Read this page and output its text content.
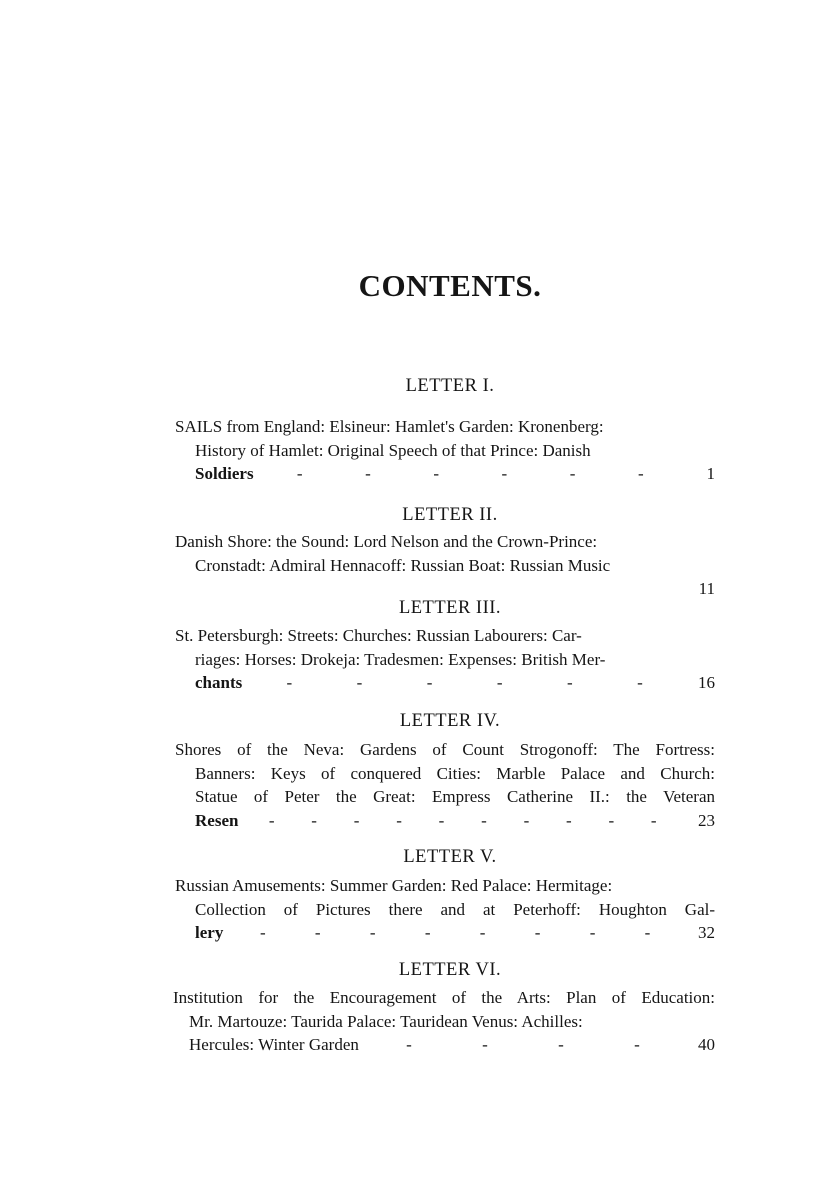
CONTENTS.
LETTER I.
SAILS from England: Elsineur: Hamlet's Garden: Kronenberg:
History of Hamlet: Original Speech of that Prince: Danish
Soldiers	-	-	-	-	-	-	1
LETTER II.
Danish Shore: the Sound: Lord Nelson and the Crown-Prince:
Cronstadt: Admiral Hennacoff: Russian Boat: Russian Music
11
LETTER III.
St. Petersburgh: Streets: Churches: Russian Labourers: Car-
riages: Horses: Drokeja: Tradesmen: Expenses: British Mer-
chants	-	-	-	-	-	-	16
LETTER IV.
Shores of the Neva: Gardens of Count Strogonoff: The Fortress:
Banners: Keys of conquered Cities: Marble Palace and Church:
Statue of Peter the Great: Empress Catherine II.: the Veteran
Resen - - - - - - - - - -	23
LETTER V.
Russian Amusements: Summer Garden: Red Palace: Hermitage:
Collection of Pictures there and at Peterhoff: Houghton Gal-
lery -	-	-	-	-	-	-	-	32
LETTER VI.
Institution for the Encouragement of the Arts: Plan of Education:
Mr. Martouze: Taurida Palace: Tauridean Venus: Achilles:
Hercules: Winter Garden	-	-	-	-	40
